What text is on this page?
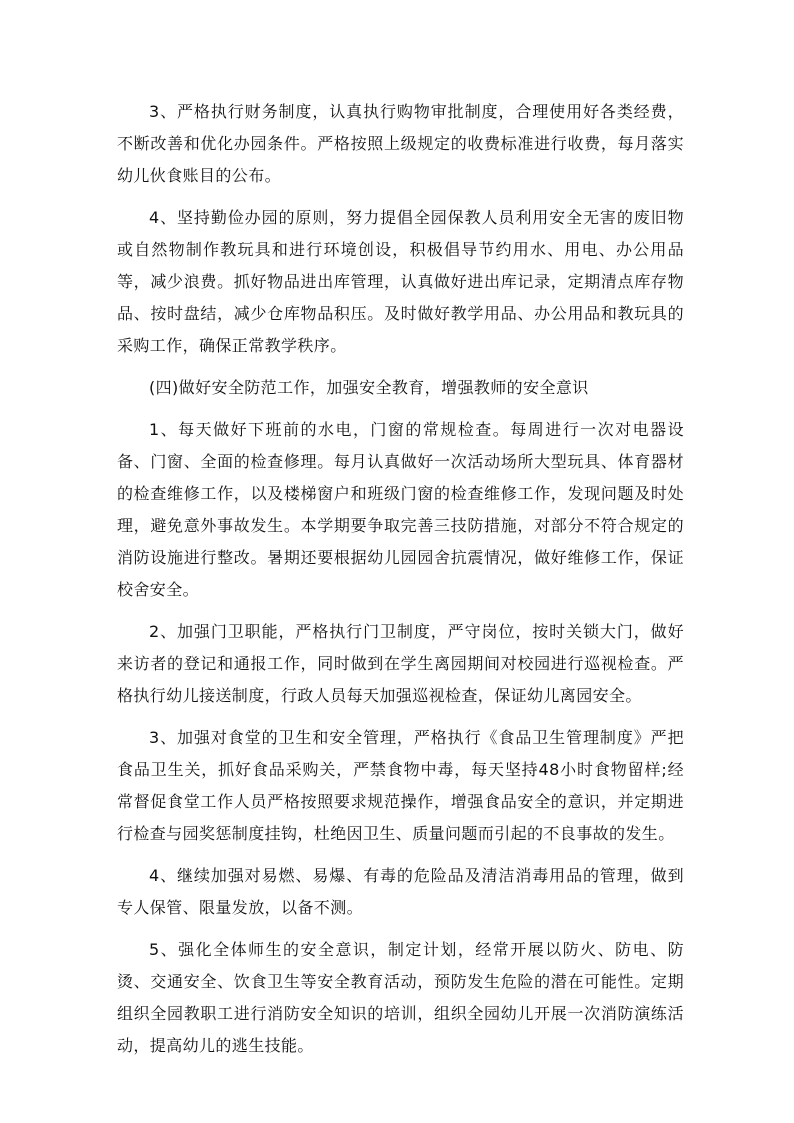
3、严格执行财务制度，认真执行购物审批制度，合理使用好各类经费，不断改善和优化办园条件。严格按照上级规定的收费标准进行收费，每月落实幼儿伙食账目的公布。

4、坚持勤俭办园的原则，努力提倡全园保教人员利用安全无害的废旧物或自然物制作教玩具和进行环境创设，积极倡导节约用水、用电、办公用品等，减少浪费。抓好物品进出库管理，认真做好进出库记录，定期清点库存物品、按时盘结，减少仓库物品积压。及时做好教学用品、办公用品和教玩具的采购工作，确保正常教学秩序。

(四)做好安全防范工作，加强安全教育，增强教师的安全意识

1、每天做好下班前的水电，门窗的常规检查。每周进行一次对电器设备、门窗、全面的检查修理。每月认真做好一次活动场所大型玩具、体育器材的检查维修工作，以及楼梯窗户和班级门窗的检查维修工作，发现问题及时处理，避免意外事故发生。本学期要争取完善三技防措施，对部分不符合规定的消防设施进行整改。暑期还要根据幼儿园园舍抗震情况，做好维修工作，保证校舍安全。

2、加强门卫职能，严格执行门卫制度，严守岗位，按时关锁大门，做好来访者的登记和通报工作，同时做到在学生离园期间对校园进行巡视检查。严格执行幼儿接送制度，行政人员每天加强巡视检查，保证幼儿离园安全。

3、加强对食堂的卫生和安全管理，严格执行《食品卫生管理制度》严把食品卫生关，抓好食品采购关，严禁食物中毒，每天坚持48小时食物留样;经常督促食堂工作人员严格按照要求规范操作，增强食品安全的意识，并定期进行检查与园奖惩制度挂钩，杜绝因卫生、质量问题而引起的不良事故的发生。

4、继续加强对易燃、易爆、有毒的危险品及清洁消毒用品的管理，做到专人保管、限量发放，以备不测。

5、强化全体师生的安全意识，制定计划，经常开展以防火、防电、防烫、交通安全、饮食卫生等安全教育活动，预防发生危险的潜在可能性。定期组织全园教职工进行消防安全知识的培训，组织全园幼儿开展一次消防演练活动，提高幼儿的逃生技能。
